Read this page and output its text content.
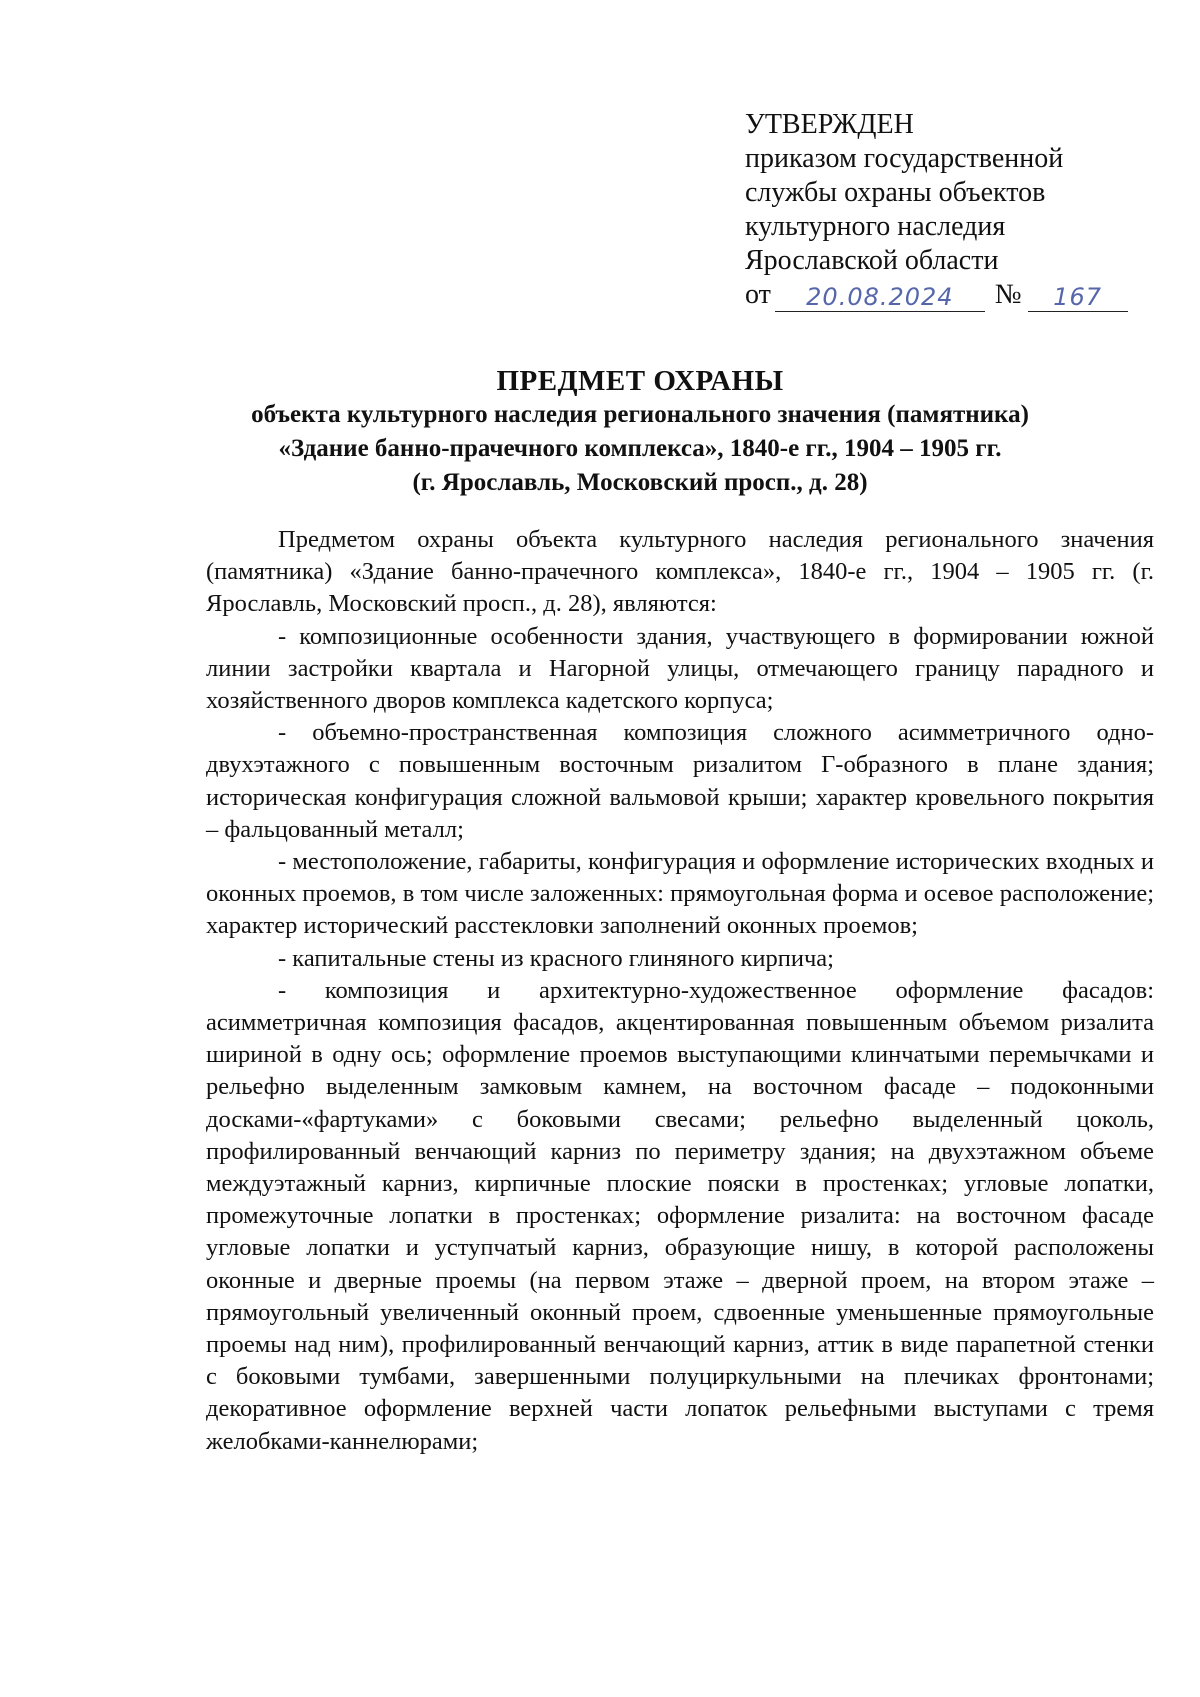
УТВЕРЖДЕН
приказом государственной
службы охраны объектов
культурного наследия
Ярославской области
от	20.08.2024	№	167
ПРЕДМЕТ ОХРАНЫ
объекта культурного наследия регионального значения (памятника)
«Здание банно-прачечного комплекса», 1840-е гг., 1904 – 1905 гг.
(г. Ярославль, Московский просп., д. 28)

Предметом охраны объекта культурного наследия регионального значения (памятника) «Здание банно-прачечного комплекса», 1840-е гг., 1904 – 1905 гг. (г. Ярославль, Московский просп., д. 28), являются:

- композиционные особенности здания, участвующего в формировании южной линии застройки квартала и Нагорной улицы, отмечающего границу парадного и хозяйственного дворов комплекса кадетского корпуса;

- объемно-пространственная композиция сложного асимметричного одно-двухэтажного с повышенным восточным ризалитом Г-образного в плане здания; историческая конфигурация сложной вальмовой крыши; характер кровельного покрытия – фальцованный металл;

- местоположение, габариты, конфигурация и оформление исторических входных и оконных проемов, в том числе заложенных: прямоугольная форма и осевое расположение; характер исторический расстекловки заполнений оконных проемов;

- капитальные стены из красного глиняного кирпича;

- композиция и архитектурно-художественное оформление фасадов: асимметричная композиция фасадов, акцентированная повышенным объемом ризалита шириной в одну ось; оформление проемов выступающими клинчатыми перемычками и рельефно выделенным замковым камнем, на восточном фасаде – подоконными досками-«фартуками» с боковыми свесами; рельефно выделенный цоколь, профилированный венчающий карниз по периметру здания; на двухэтажном объеме междуэтажный карниз, кирпичные плоские пояски в простенках; угловые лопатки, промежуточные лопатки в простенках; оформление ризалита: на восточном фасаде угловые лопатки и уступчатый карниз, образующие нишу, в которой расположены оконные и дверные проемы (на первом этаже – дверной проем, на втором этаже – прямоугольный увеличенный оконный проем, сдвоенные уменьшенные прямоугольные проемы над ним), профилированный венчающий карниз, аттик в виде парапетной стенки с боковыми тумбами, завершенными полуциркульными на плечиках фронтонами; декоративное оформление верхней части лопаток рельефными выступами с тремя желобками-каннелюрами;
